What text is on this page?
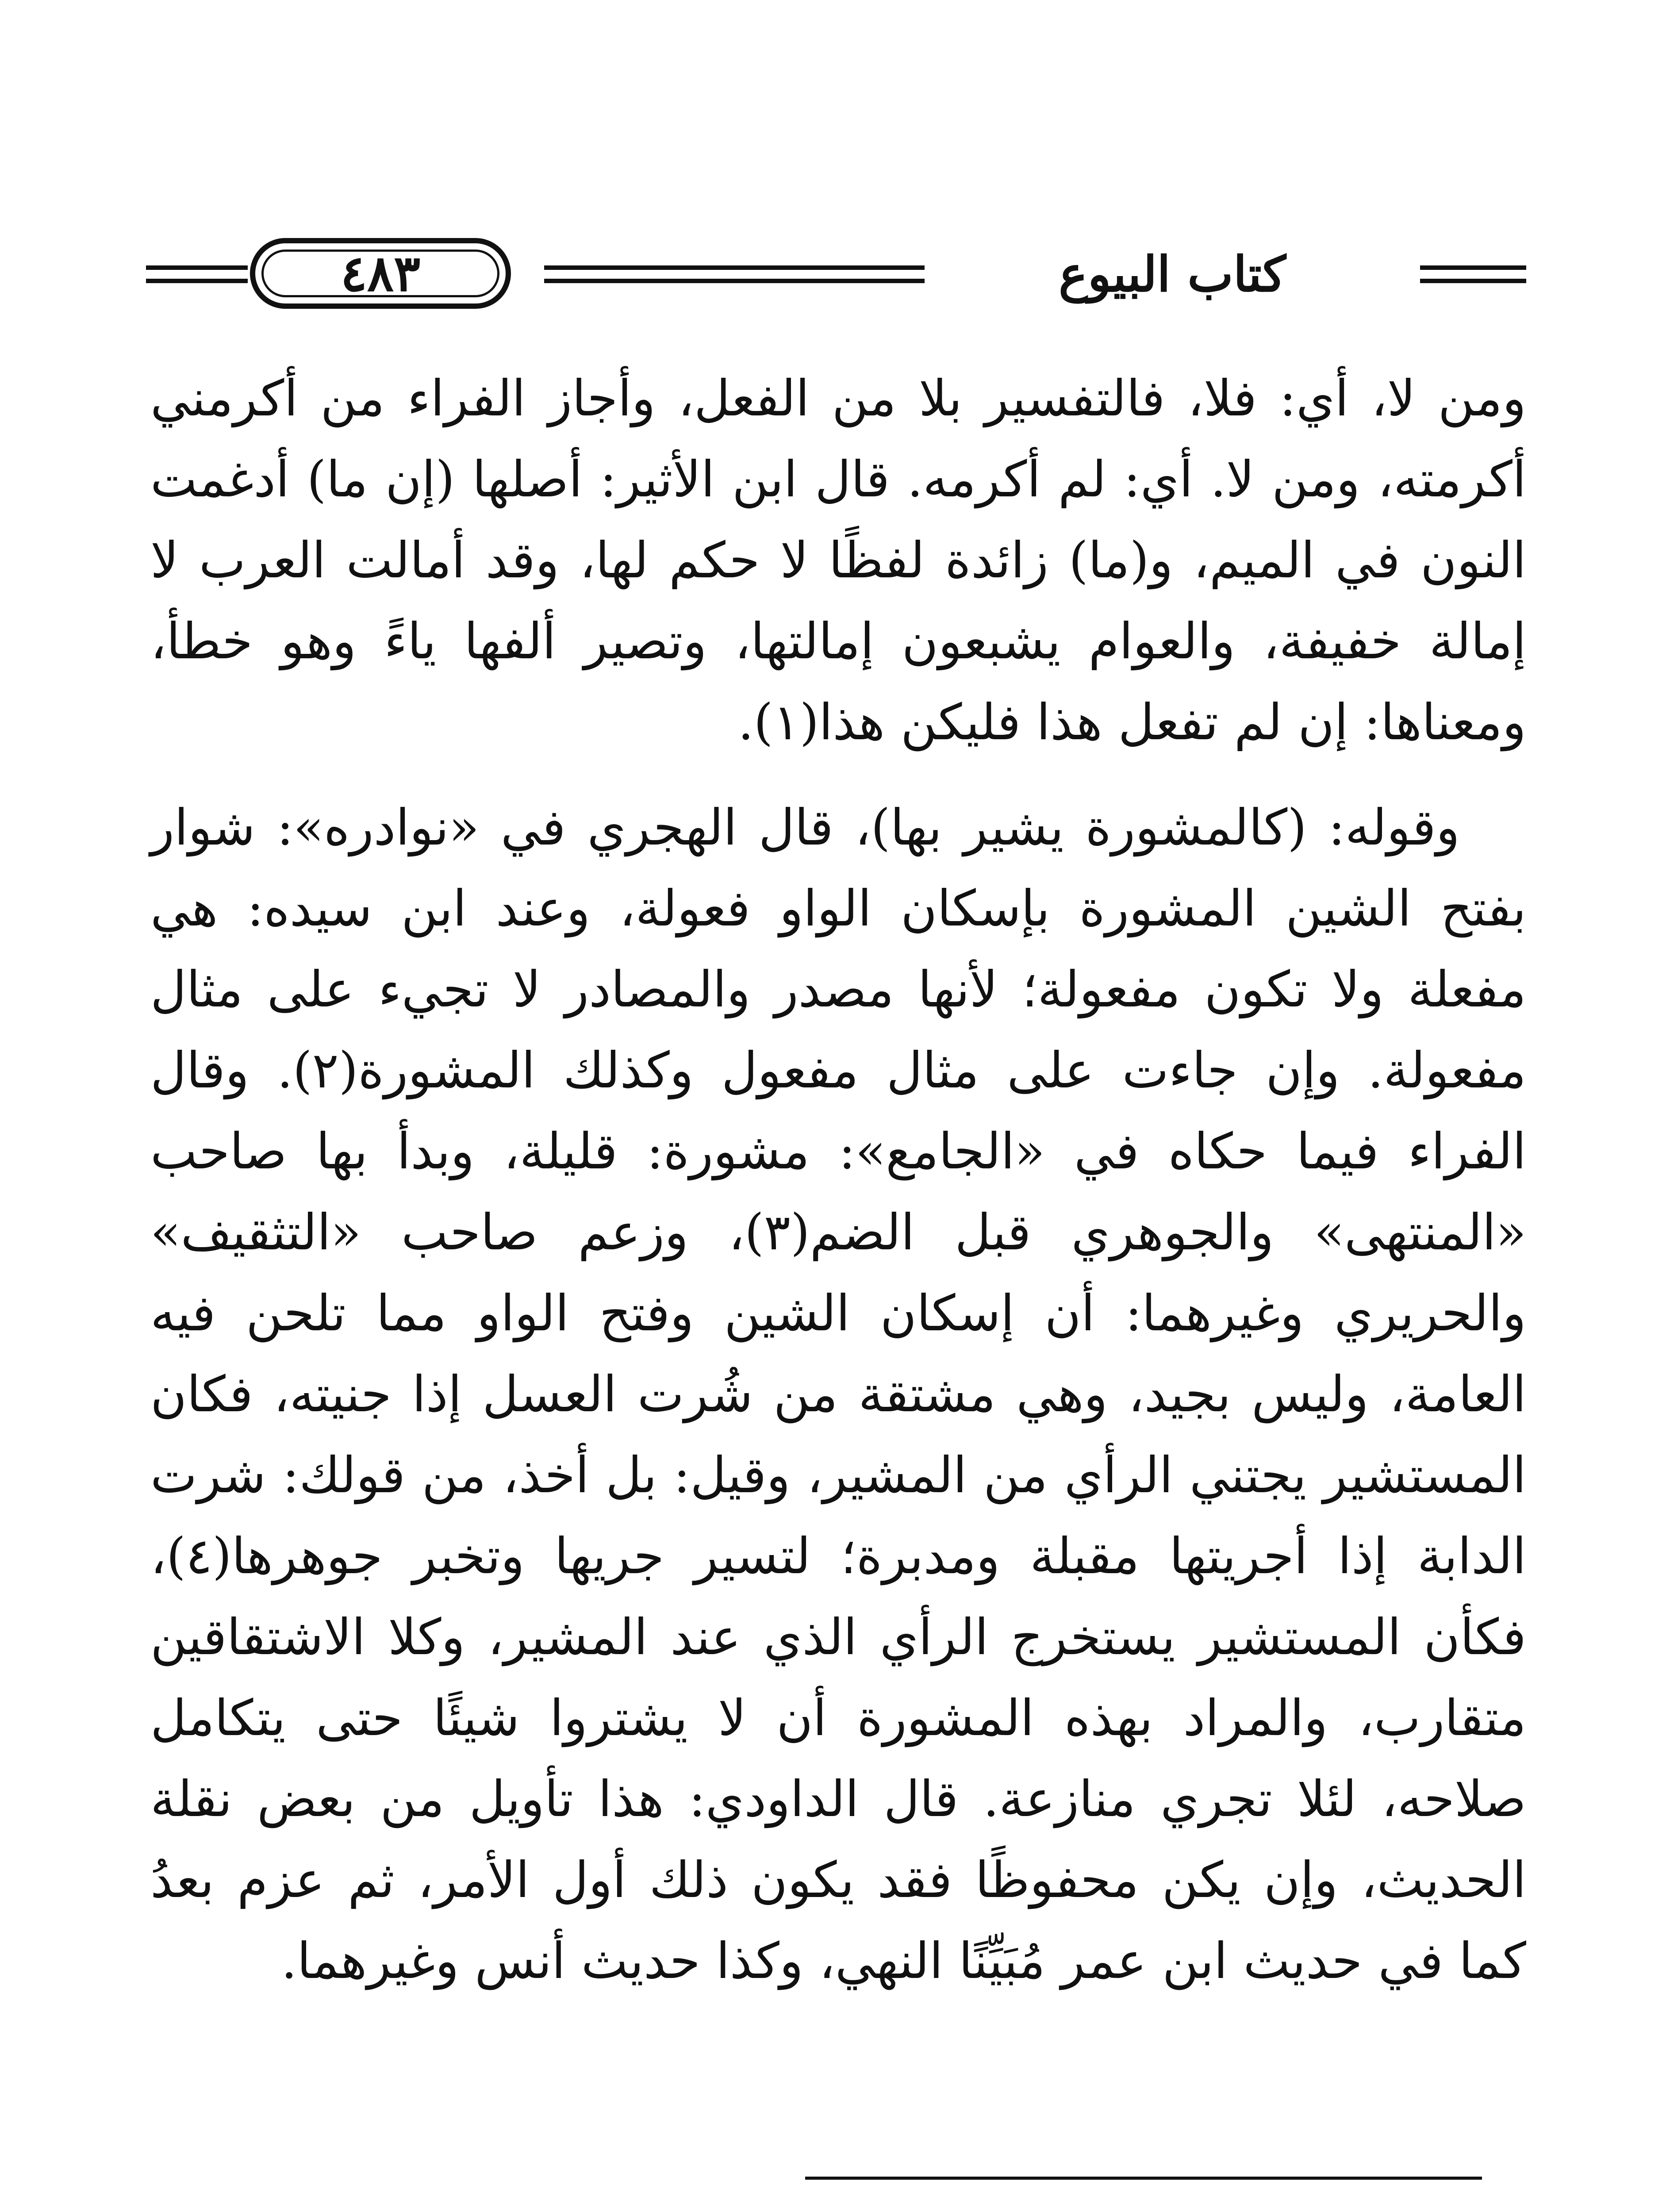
كتاب البيوع
٤٨٣

ومن لا، أي: فلا، فالتفسير بلا من الفعل، وأجاز الفراء من أكرمني أكرمته، ومن لا. أي: لم أكرمه. قال ابن الأثير: أصلها (إن ما) أدغمت النون في الميم، و(ما) زائدة لفظًا لا حكم لها، وقد أمالت العرب لا إمالة خفيفة، والعوام يشبعون إمالتها، وتصير ألفها ياءً وهو خطأ، ومعناها: إن لم تفعل هذا فليكن هذا(١).

وقوله: (كالمشورة يشير بها)، قال الهجري في «نوادره»: شوار بفتح الشين المشورة بإسكان الواو فعولة، وعند ابن سيده: هي مفعلة ولا تكون مفعولة؛ لأنها مصدر والمصادر لا تجيء على مثال مفعولة. وإن جاءت على مثال مفعول وكذلك المشورة(٢). وقال الفراء فيما حكاه في «الجامع»: مشورة: قليلة، وبدأ بها صاحب «المنتهى» والجوهري قبل الضم(٣)، وزعم صاحب «التثقيف» والحريري وغيرهما: أن إسكان الشين وفتح الواو مما تلحن فيه العامة، وليس بجيد، وهي مشتقة من شُرت العسل إذا جنيته، فكان المستشير يجتني الرأي من المشير، وقيل: بل أخذ، من قولك: شرت الدابة إذا أجريتها مقبلة ومدبرة؛ لتسير جريها وتخبر جوهرها(٤)، فكأن المستشير يستخرج الرأي الذي عند المشير، وكلا الاشتقاقين متقارب، والمراد بهذه المشورة أن لا يشتروا شيئًا حتى يتكامل صلاحه، لئلا تجري منازعة. قال الداودي: هذا تأويل من بعض نقلة الحديث، وإن يكن محفوظًا فقد يكون ذلك أول الأمر، ثم عزم بعدُ كما في حديث ابن عمر مُبَيِّنًا النهي، وكذا حديث أنس وغيرهما.
